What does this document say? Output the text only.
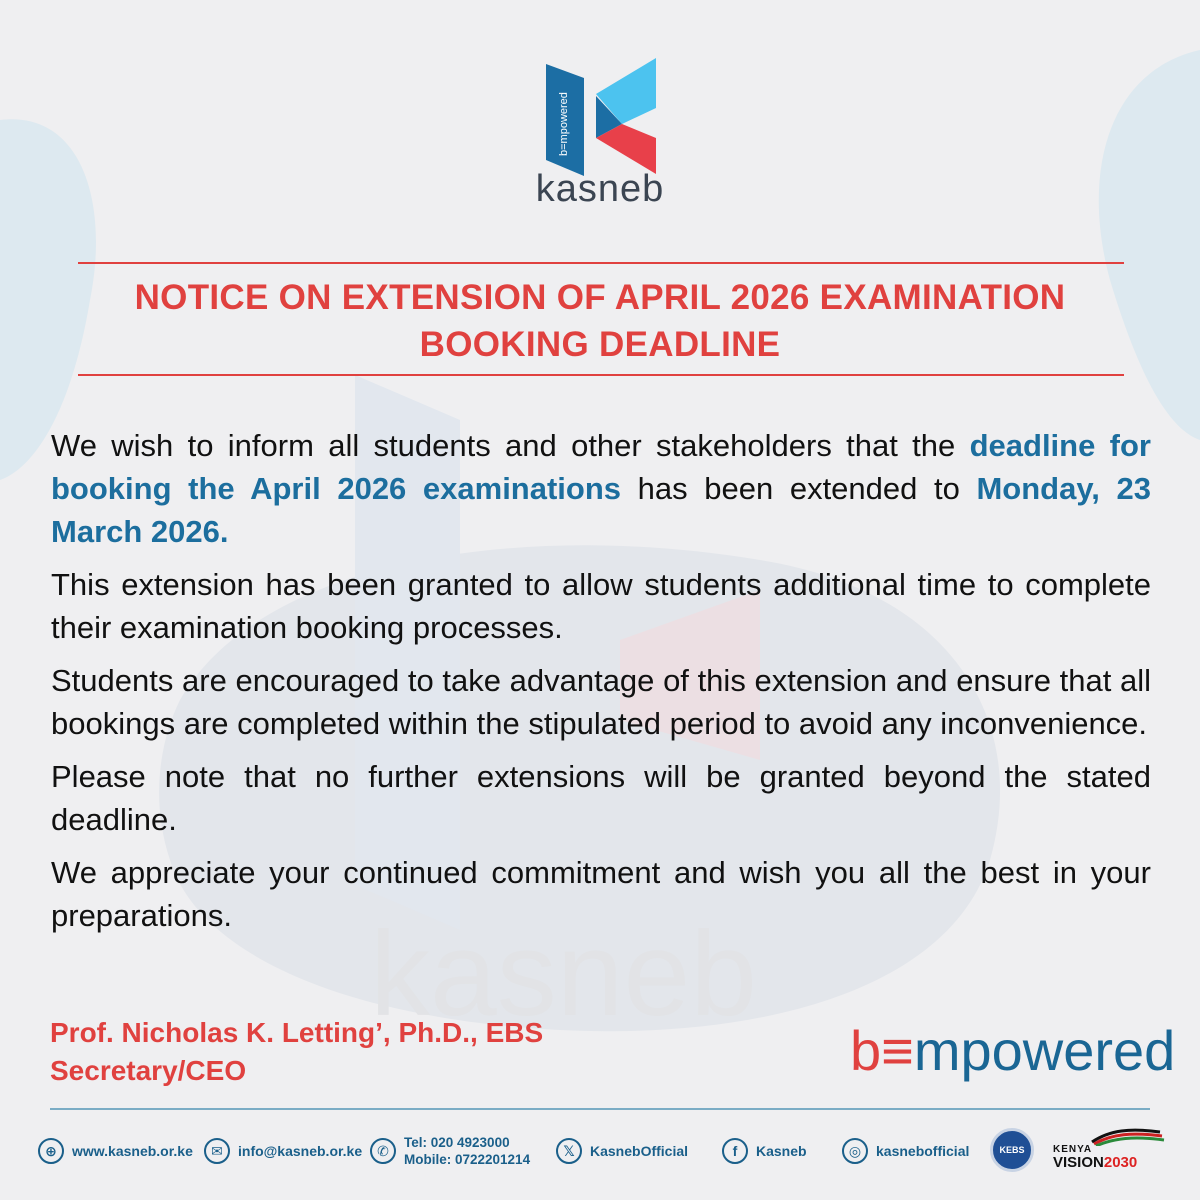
kasneb
b=mpowered
kasneb
NOTICE ON EXTENSION OF APRIL 2026 EXAMINATION
BOOKING DEADLINE

We wish to inform all students and other stakeholders that the deadline for booking the April 2026 examinations has been extended to Monday, 23 March 2026.

This extension has been granted to allow students additional time to complete their examination booking processes.

Students are encouraged to take advantage of this extension and ensure that all bookings are completed within the stipulated period to avoid any inconvenience.

Please note that no further extensions will be granted beyond the stated deadline.

We appreciate your continued commitment and wish you all the best in your preparations.

Prof. Nicholas K. Letting’, Ph.D., EBS
Secretary/CEO	b≡mpowered
⊕	www.kasneb.or.ke	✉	info@kasneb.or.ke	✆	Tel: 020 4923000
Mobile: 0722201214
𝕏	KasnebOfficial	f	Kasneb	◎	kasnebofficial	KEBS	KENYA
VISION2030
